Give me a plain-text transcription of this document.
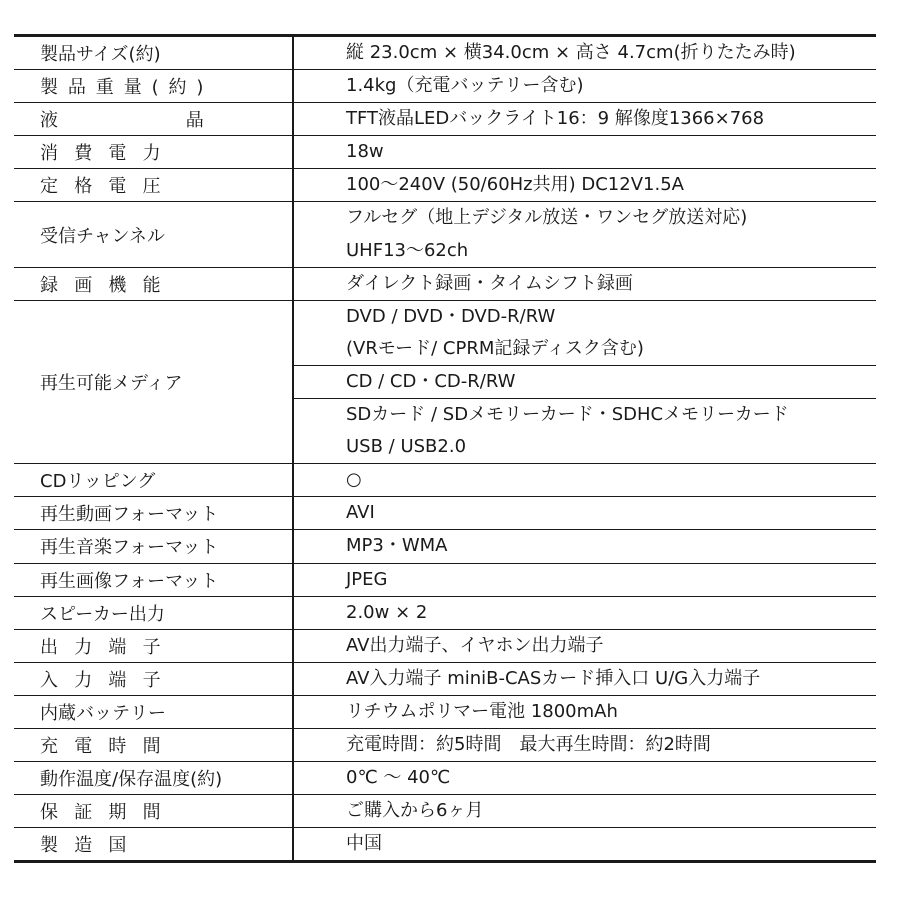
製品サイズ(約)	縦 23.0cm × 横34.0cm × 高さ 4.7cm(折りたたみ時)

製品重量(約)	1.4kg（充電バッテリー含む)

液晶	TFT液晶LEDバックライト16：9 解像度1366×768

消費電力	18w

定格電圧	100〜240V (50/60Hz共用) DC12V1.5A

受信チャンネル	フルセグ（地上デジタル放送・ワンセグ放送対応)
UHF13〜62ch

録画機能	ダイレクト録画・タイムシフト録画

再生可能メディア	DVD / DVD・DVD-R/RW
(VRモード/ CPRM記録ディスク含む)
CD / CD・CD-R/RW
SDカード / SDメモリーカード・SDHCメモリーカード
USB / USB2.0

CDリッピング	○

再生動画フォーマット	AVI

再生音楽フォーマット	MP3・WMA

再生画像フォーマット	JPEG

スピーカー出力	2.0w × 2

出力端子	AV出力端子、イヤホン出力端子

入力端子	AV入力端子 miniB-CASカード挿入口 U/G入力端子

内蔵バッテリー	リチウムポリマー電池 1800mAh

充電時間	充電時間：約5時間　最大再生時間：約2時間

動作温度/保存温度(約)	0℃ 〜 40℃

保証期間	ご購入から6ヶ月

製造国	中国
